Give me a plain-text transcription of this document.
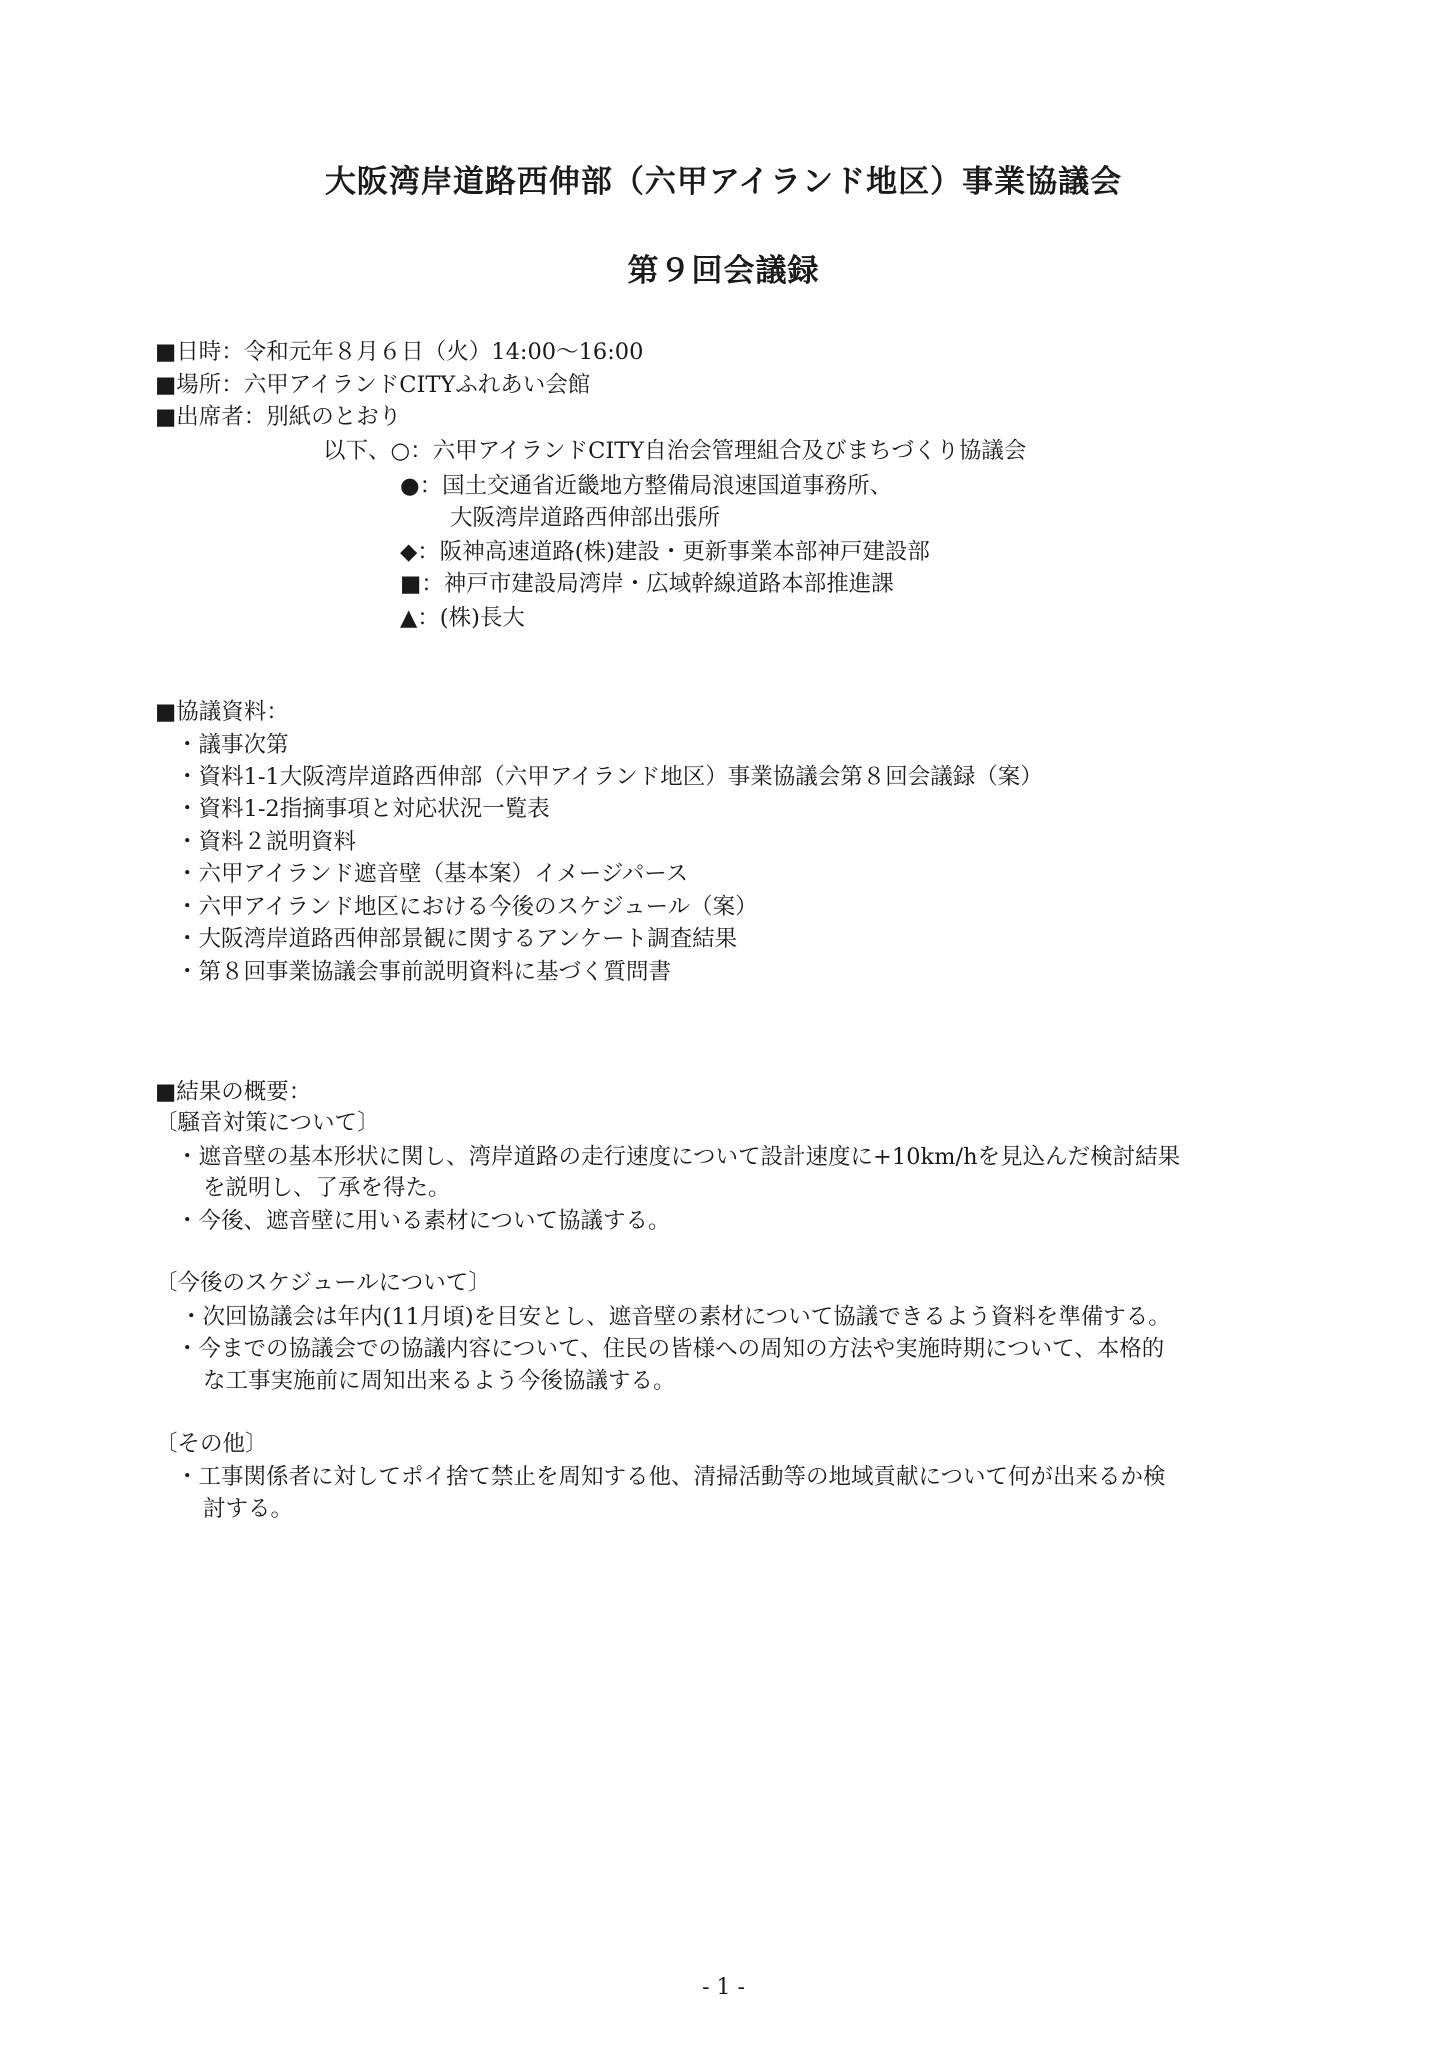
大阪湾岸道路西伸部（六甲アイランド地区）事業協議会
第９回会議録
■日時：令和元年８月６日（火）14:00～16:00
■場所：六甲アイランドCITYふれあい会館
■出席者：別紙のとおり
以下、○：六甲アイランドCITY自治会管理組合及びまちづくり協議会
●：国土交通省近畿地方整備局浪速国道事務所、
大阪湾岸道路西伸部出張所
◆：阪神高速道路(株)建設・更新事業本部神戸建設部
■：神戸市建設局湾岸・広域幹線道路本部推進課
▲：(株)長大
■協議資料：
・議事次第
・資料1-1大阪湾岸道路西伸部（六甲アイランド地区）事業協議会第８回会議録（案）
・資料1-2指摘事項と対応状況一覧表
・資料２説明資料
・六甲アイランド遮音壁（基本案）イメージパース
・六甲アイランド地区における今後のスケジュール（案）
・大阪湾岸道路西伸部景観に関するアンケート調査結果
・第８回事業協議会事前説明資料に基づく質問書
■結果の概要：
〔騒音対策について〕
・遮音壁の基本形状に関し、湾岸道路の走行速度について設計速度に+10km/hを見込んだ検討結果
を説明し、了承を得た。
・今後、遮音壁に用いる素材について協議する。
〔今後のスケジュールについて〕
・次回協議会は年内(11月頃)を目安とし、遮音壁の素材について協議できるよう資料を準備する。
・今までの協議会での協議内容について、住民の皆様への周知の方法や実施時期について、本格的
な工事実施前に周知出来るよう今後協議する。
〔その他〕
・工事関係者に対してポイ捨て禁止を周知する他、清掃活動等の地域貢献について何が出来るか検
討する。
- 1 -
